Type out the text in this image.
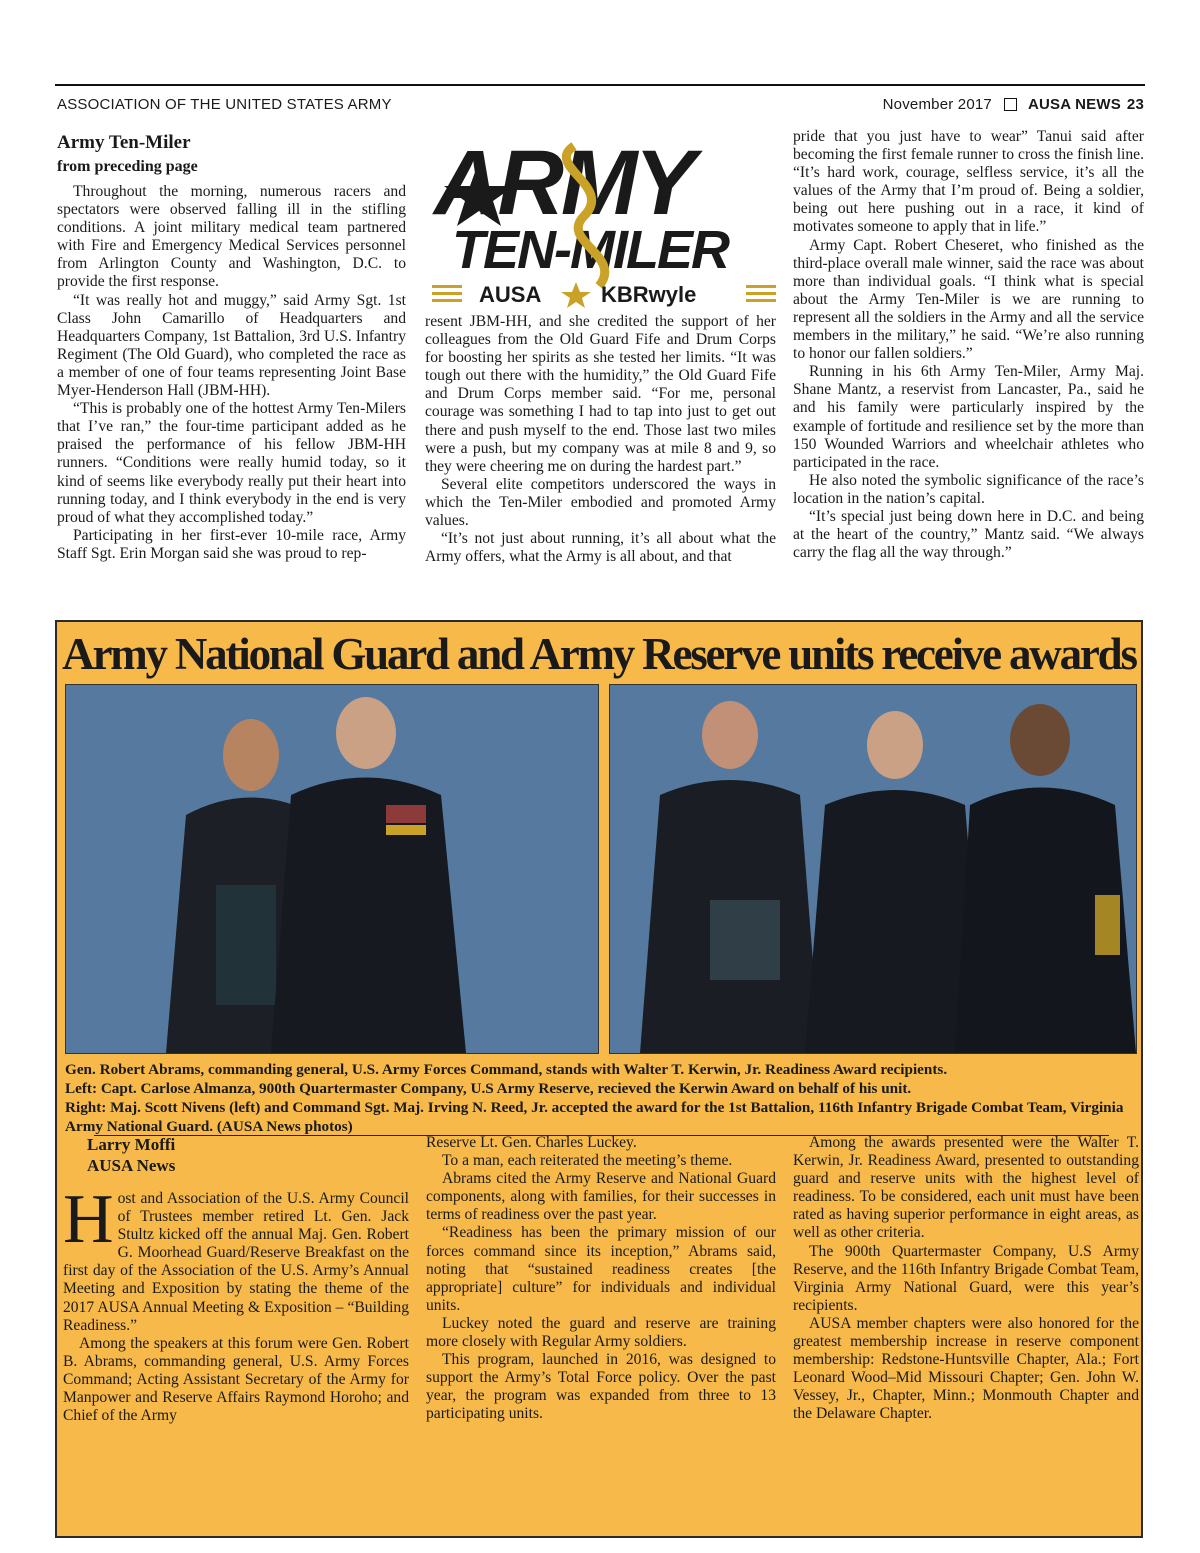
ASSOCIATION OF THE UNITED STATES ARMY	November 2017 AUSA NEWS 23
Army Ten-Miler
from preceding page

Throughout the morning, numerous racers and spectators were observed falling ill in the stifling conditions. A joint military medical team partnered with Fire and Emergency Medical Services personnel from Arlington County and Washington, D.C. to provide the first response.

“It was really hot and muggy,” said Army Sgt. 1st Class John Camarillo of Headquarters and Headquarters Company, 1st Battalion, 3rd U.S. Infantry Regiment (The Old Guard), who completed the race as a member of one of four teams representing Joint Base Myer-Henderson Hall (JBM-HH).

“This is probably one of the hottest Army Ten-Milers that I’ve ran,” the four-time participant added as he praised the performance of his fellow JBM-HH runners. “Conditions were really humid today, so it kind of seems like everybody really put their heart into running today, and I think everybody in the end is very proud of what they accomplished today.”

Participating in her first-ever 10-mile race, Army Staff Sgt. Erin Morgan said she was proud to rep-

ARMY
TEN-MILER
AUSA	KBRwyle

resent JBM-HH, and she credited the support of her colleagues from the Old Guard Fife and Drum Corps for boosting her spirits as she tested her limits. “It was tough out there with the humidity,” the Old Guard Fife and Drum Corps member said. “For me, personal courage was something I had to tap into just to get out there and push myself to the end. Those last two miles were a push, but my company was at mile 8 and 9, so they were cheering me on during the hardest part.”

Several elite competitors underscored the ways in which the Ten-Miler embodied and promoted Army values.

“It’s not just about running, it’s all about what the Army offers, what the Army is all about, and that

pride that you just have to wear” Tanui said after becoming the first female runner to cross the finish line. “It’s hard work, courage, selfless service, it’s all the values of the Army that I’m proud of. Being a soldier, being out here pushing out in a race, it kind of motivates someone to apply that in life.”

Army Capt. Robert Cheseret, who finished as the third-place overall male winner, said the race was about more than individual goals. “I think what is special about the Army Ten-Miler is we are running to represent all the soldiers in the Army and all the service members in the military,” he said. “We’re also running to honor our fallen soldiers.”

Running in his 6th Army Ten-Miler, Army Maj. Shane Mantz, a reservist from Lancaster, Pa., said he and his family were particularly inspired by the example of fortitude and resilience set by the more than 150 Wounded Warriors and wheelchair athletes who participated in the race.

He also noted the symbolic significance of the race’s location in the nation’s capital.

“It’s special just being down here in D.C. and being at the heart of the country,” Mantz said. “We always carry the flag all the way through.”

Army National Guard and Army Reserve units receive awards
Gen. Robert Abrams, commanding general, U.S. Army Forces Command, stands with Walter T. Kerwin, Jr. Readiness Award recipients.
Left: Capt. Carlose Almanza, 900th Quartermaster Company, U.S Army Reserve, recieved the Kerwin Award on behalf of his unit.
Right: Maj. Scott Nivens (left) and Command Sgt. Maj. Irving N. Reed, Jr. accepted the award for the 1st Battalion, 116th Infantry Brigade Combat Team, Virginia Army National Guard. (AUSA News photos)
Larry Moffi
AUSA News
H ost and Association of the U.S. Army Council of Trustees member retired Lt. Gen. Jack Stultz kicked off the annual Maj. Gen. Robert G. Moorhead Guard/Reserve Breakfast on the first day of the Association of the U.S. Army’s Annual Meeting and Exposition by stating the theme of the 2017 AUSA Annual Meeting & Exposition – “Building Readiness.”

Among the speakers at this forum were Gen. Robert B. Abrams, commanding general, U.S. Army Forces Command; Acting Assistant Secretary of the Army for Manpower and Reserve Affairs Raymond Horoho; and Chief of the Army

Reserve Lt. Gen. Charles Luckey.

To a man, each reiterated the meeting’s theme.

Abrams cited the Army Reserve and National Guard components, along with families, for their successes in terms of readiness over the past year.

“Readiness has been the primary mission of our forces command since its inception,” Abrams said, noting that “sustained readiness creates [the appropriate] culture” for individuals and individual units.

Luckey noted the guard and reserve are training more closely with Regular Army soldiers.

This program, launched in 2016, was designed to support the Army’s Total Force policy. Over the past year, the program was expanded from three to 13 participating units.

Among the awards presented were the Walter T. Kerwin, Jr. Readiness Award, presented to outstanding guard and reserve units with the highest level of readiness. To be considered, each unit must have been rated as having superior performance in eight areas, as well as other criteria.

The 900th Quartermaster Company, U.S Army Reserve, and the 116th Infantry Brigade Combat Team, Virginia Army National Guard, were this year’s recipients.

AUSA member chapters were also honored for the greatest membership increase in reserve component membership: Redstone-Huntsville Chapter, Ala.; Fort Leonard Wood–Mid Missouri Chapter; Gen. John W. Vessey, Jr., Chapter, Minn.; Monmouth Chapter and the Delaware Chapter.
